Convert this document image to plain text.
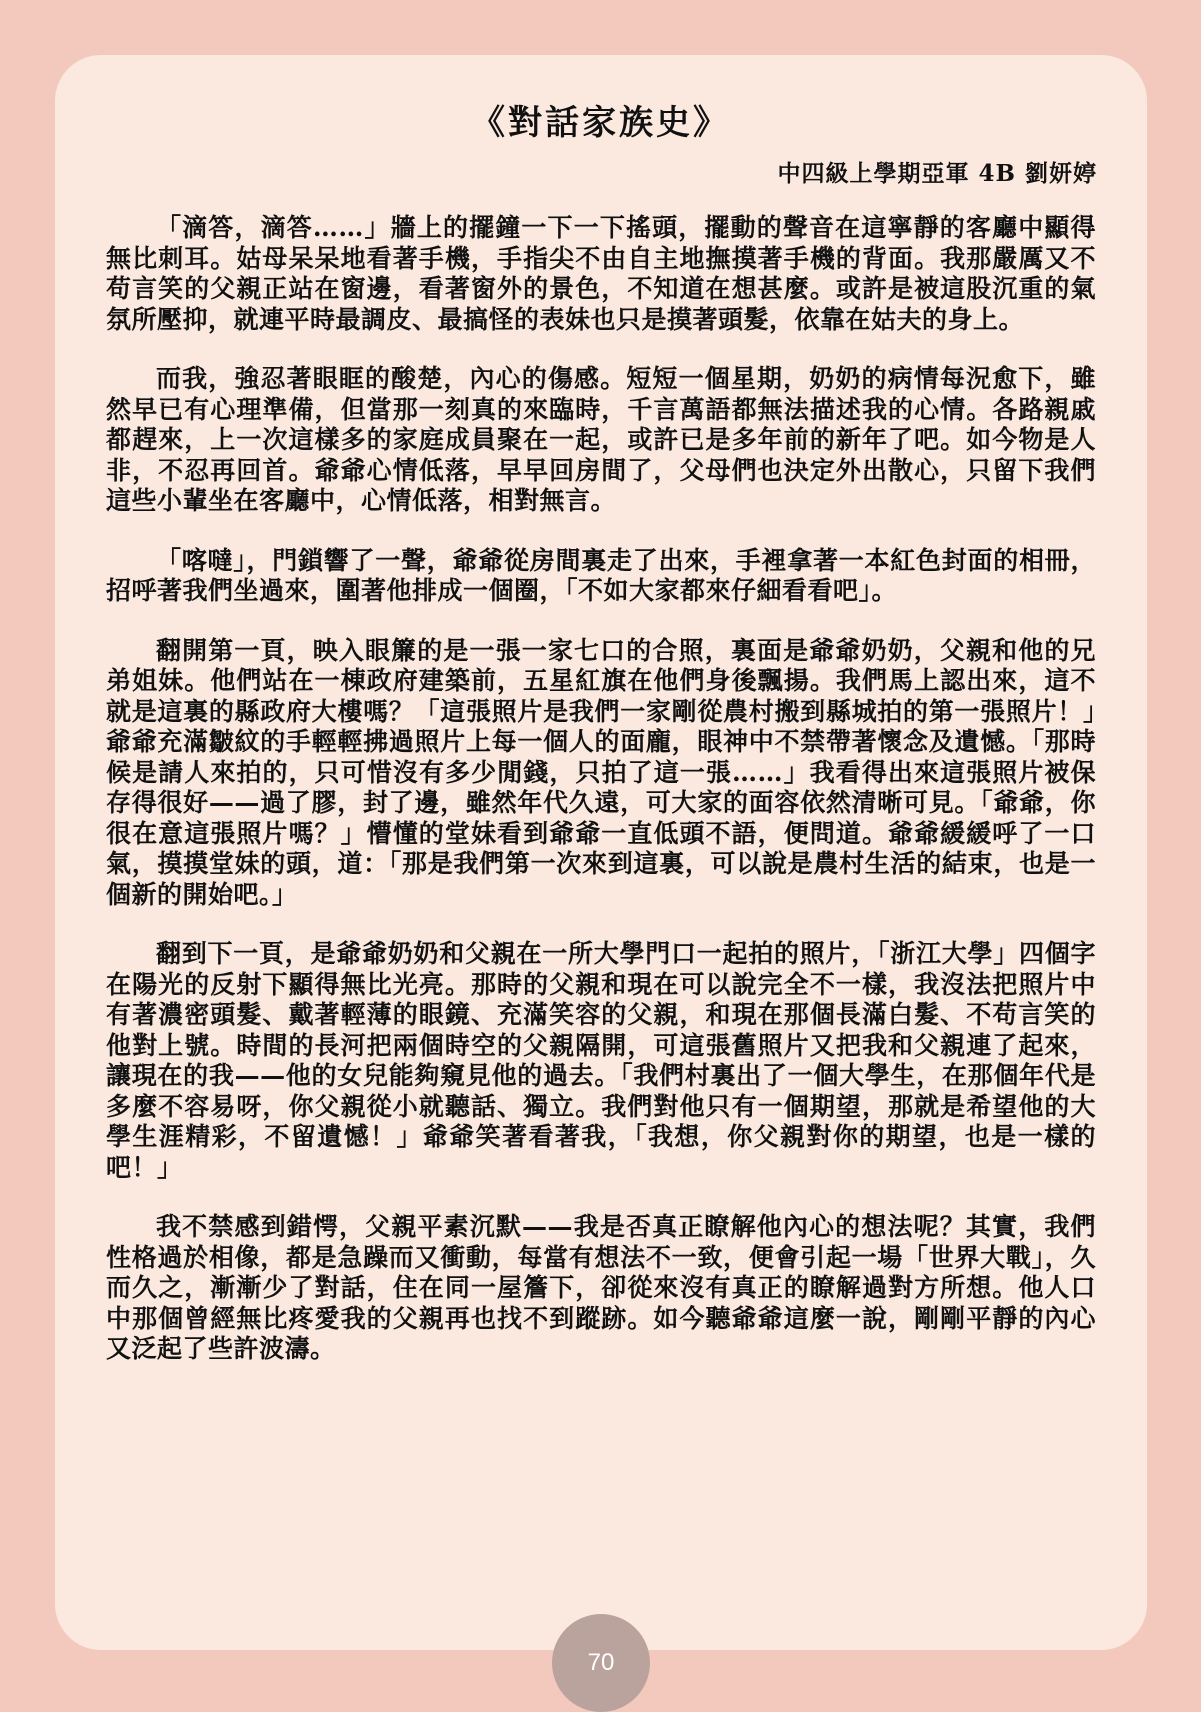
《對話家族史》
中四級上學期亞軍 4B 劉妍婷

「滴答，滴答……」牆上的擺鐘一下一下搖頭，擺動的聲音在這寧靜的客廳中顯得無比刺耳。姑母呆呆地看著手機，手指尖不由自主地撫摸著手機的背面。我那嚴厲又不苟言笑的父親正站在窗邊，看著窗外的景色，不知道在想甚麼。或許是被這股沉重的氣氛所壓抑，就連平時最調皮、最搞怪的表妹也只是摸著頭髮，依靠在姑夫的身上。

而我，強忍著眼眶的酸楚，內心的傷感。短短一個星期，奶奶的病情每況愈下，雖然早已有心理準備，但當那一刻真的來臨時，千言萬語都無法描述我的心情。各路親戚都趕來，上一次這樣多的家庭成員聚在一起，或許已是多年前的新年了吧。如今物是人非，不忍再回首。爺爺心情低落，早早回房間了，父母們也決定外出散心，只留下我們這些小輩坐在客廳中，心情低落，相對無言。

「喀噠」，門鎖響了一聲，爺爺從房間裏走了出來，手裡拿著一本紅色封面的相冊，招呼著我們坐過來，圍著他排成一個圈，「不如大家都來仔細看看吧」。

翻開第一頁，映入眼簾的是一張一家七口的合照，裏面是爺爺奶奶，父親和他的兄弟姐妹。他們站在一棟政府建築前，五星紅旗在他們身後飄揚。我們馬上認出來，這不就是這裏的縣政府大樓嗎？「這張照片是我們一家剛從農村搬到縣城拍的第一張照片！」爺爺充滿皺紋的手輕輕拂過照片上每一個人的面龐，眼神中不禁帶著懷念及遺憾。「那時候是請人來拍的，只可惜沒有多少閒錢，只拍了這一張……」我看得出來這張照片被保存得很好——過了膠，封了邊，雖然年代久遠，可大家的面容依然清晰可見。「爺爺，你很在意這張照片嗎？」懵懂的堂妹看到爺爺一直低頭不語，便問道。爺爺緩緩呼了一口氣，摸摸堂妹的頭，道：「那是我們第一次來到這裏，可以說是農村生活的結束，也是一個新的開始吧。」

翻到下一頁，是爺爺奶奶和父親在一所大學門口一起拍的照片，「浙江大學」四個字在陽光的反射下顯得無比光亮。那時的父親和現在可以說完全不一樣，我沒法把照片中有著濃密頭髮、戴著輕薄的眼鏡、充滿笑容的父親，和現在那個長滿白髮、不苟言笑的他對上號。時間的長河把兩個時空的父親隔開，可這張舊照片又把我和父親連了起來，讓現在的我——他的女兒能夠窺見他的過去。「我們村裏出了一個大學生，在那個年代是多麼不容易呀，你父親從小就聽話、獨立。我們對他只有一個期望，那就是希望他的大學生涯精彩，不留遺憾！」爺爺笑著看著我，「我想，你父親對你的期望，也是一樣的吧！」

我不禁感到錯愕，父親平素沉默——我是否真正瞭解他內心的想法呢？其實，我們性格過於相像，都是急躁而又衝動，每當有想法不一致，便會引起一場「世界大戰」，久而久之，漸漸少了對話，住在同一屋簷下，卻從來沒有真正的瞭解過對方所想。他人口中那個曾經無比疼愛我的父親再也找不到蹤跡。如今聽爺爺這麼一說，剛剛平靜的內心又泛起了些許波濤。

70
